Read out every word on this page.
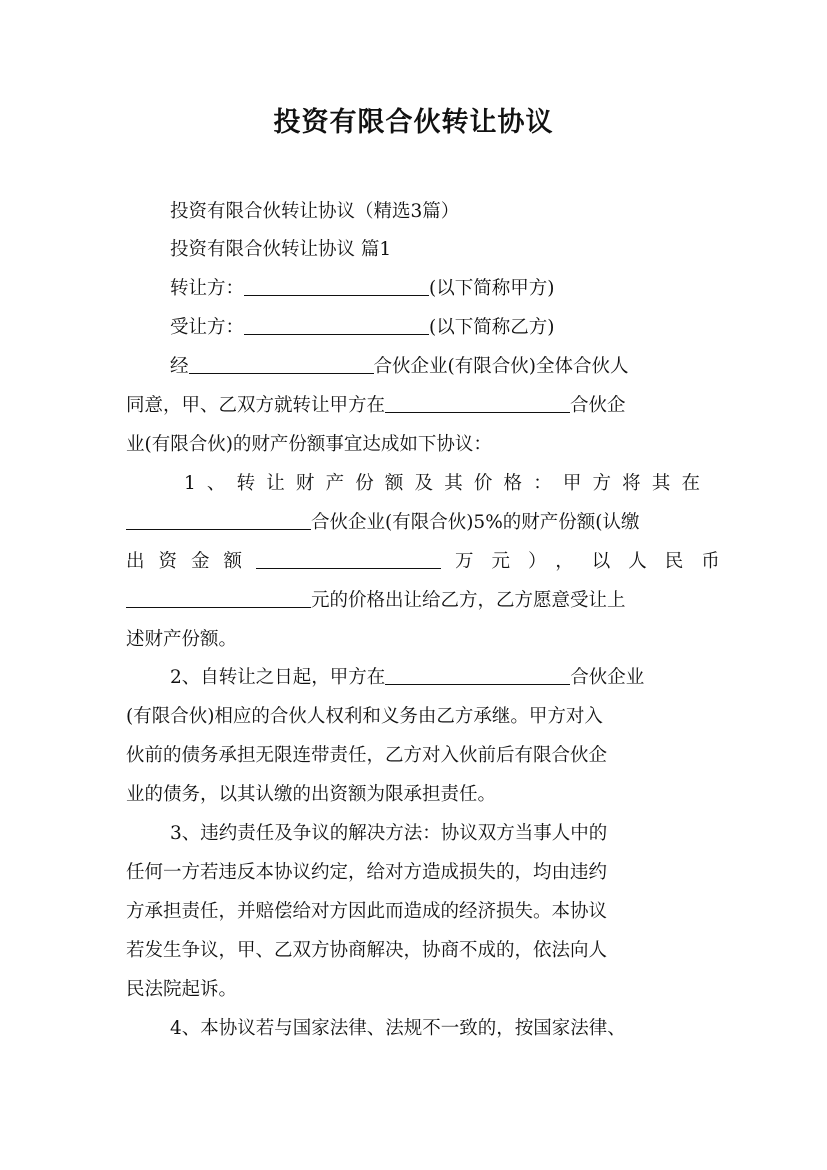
投资有限合伙转让协议
投资有限合伙转让协议（精选3篇）
投资有限合伙转让协议 篇1
转让方：	(以下简称甲方)
受让方：	(以下简称乙方)
经	合伙企业(有限合伙)全体合伙人
同意，甲、乙双方就转让甲方在	合伙企
业(有限合伙)的财产份额事宜达成如下协议：
1、转让财产份额及其价格：甲方将其在
合伙企业(有限合伙)5%的财产份额(认缴
出资金额	万元），以人民币
元的价格出让给乙方，乙方愿意受让上
述财产份额。
2、自转让之日起，甲方在	合伙企业
(有限合伙)相应的合伙人权利和义务由乙方承继。甲方对入
伙前的债务承担无限连带责任，乙方对入伙前后有限合伙企
业的债务，以其认缴的出资额为限承担责任。
3、违约责任及争议的解决方法：协议双方当事人中的
任何一方若违反本协议约定，给对方造成损失的，均由违约
方承担责任，并赔偿给对方因此而造成的经济损失。本协议
若发生争议，甲、乙双方协商解决，协商不成的，依法向人
民法院起诉。
4、本协议若与国家法律、法规不一致的，按国家法律、
